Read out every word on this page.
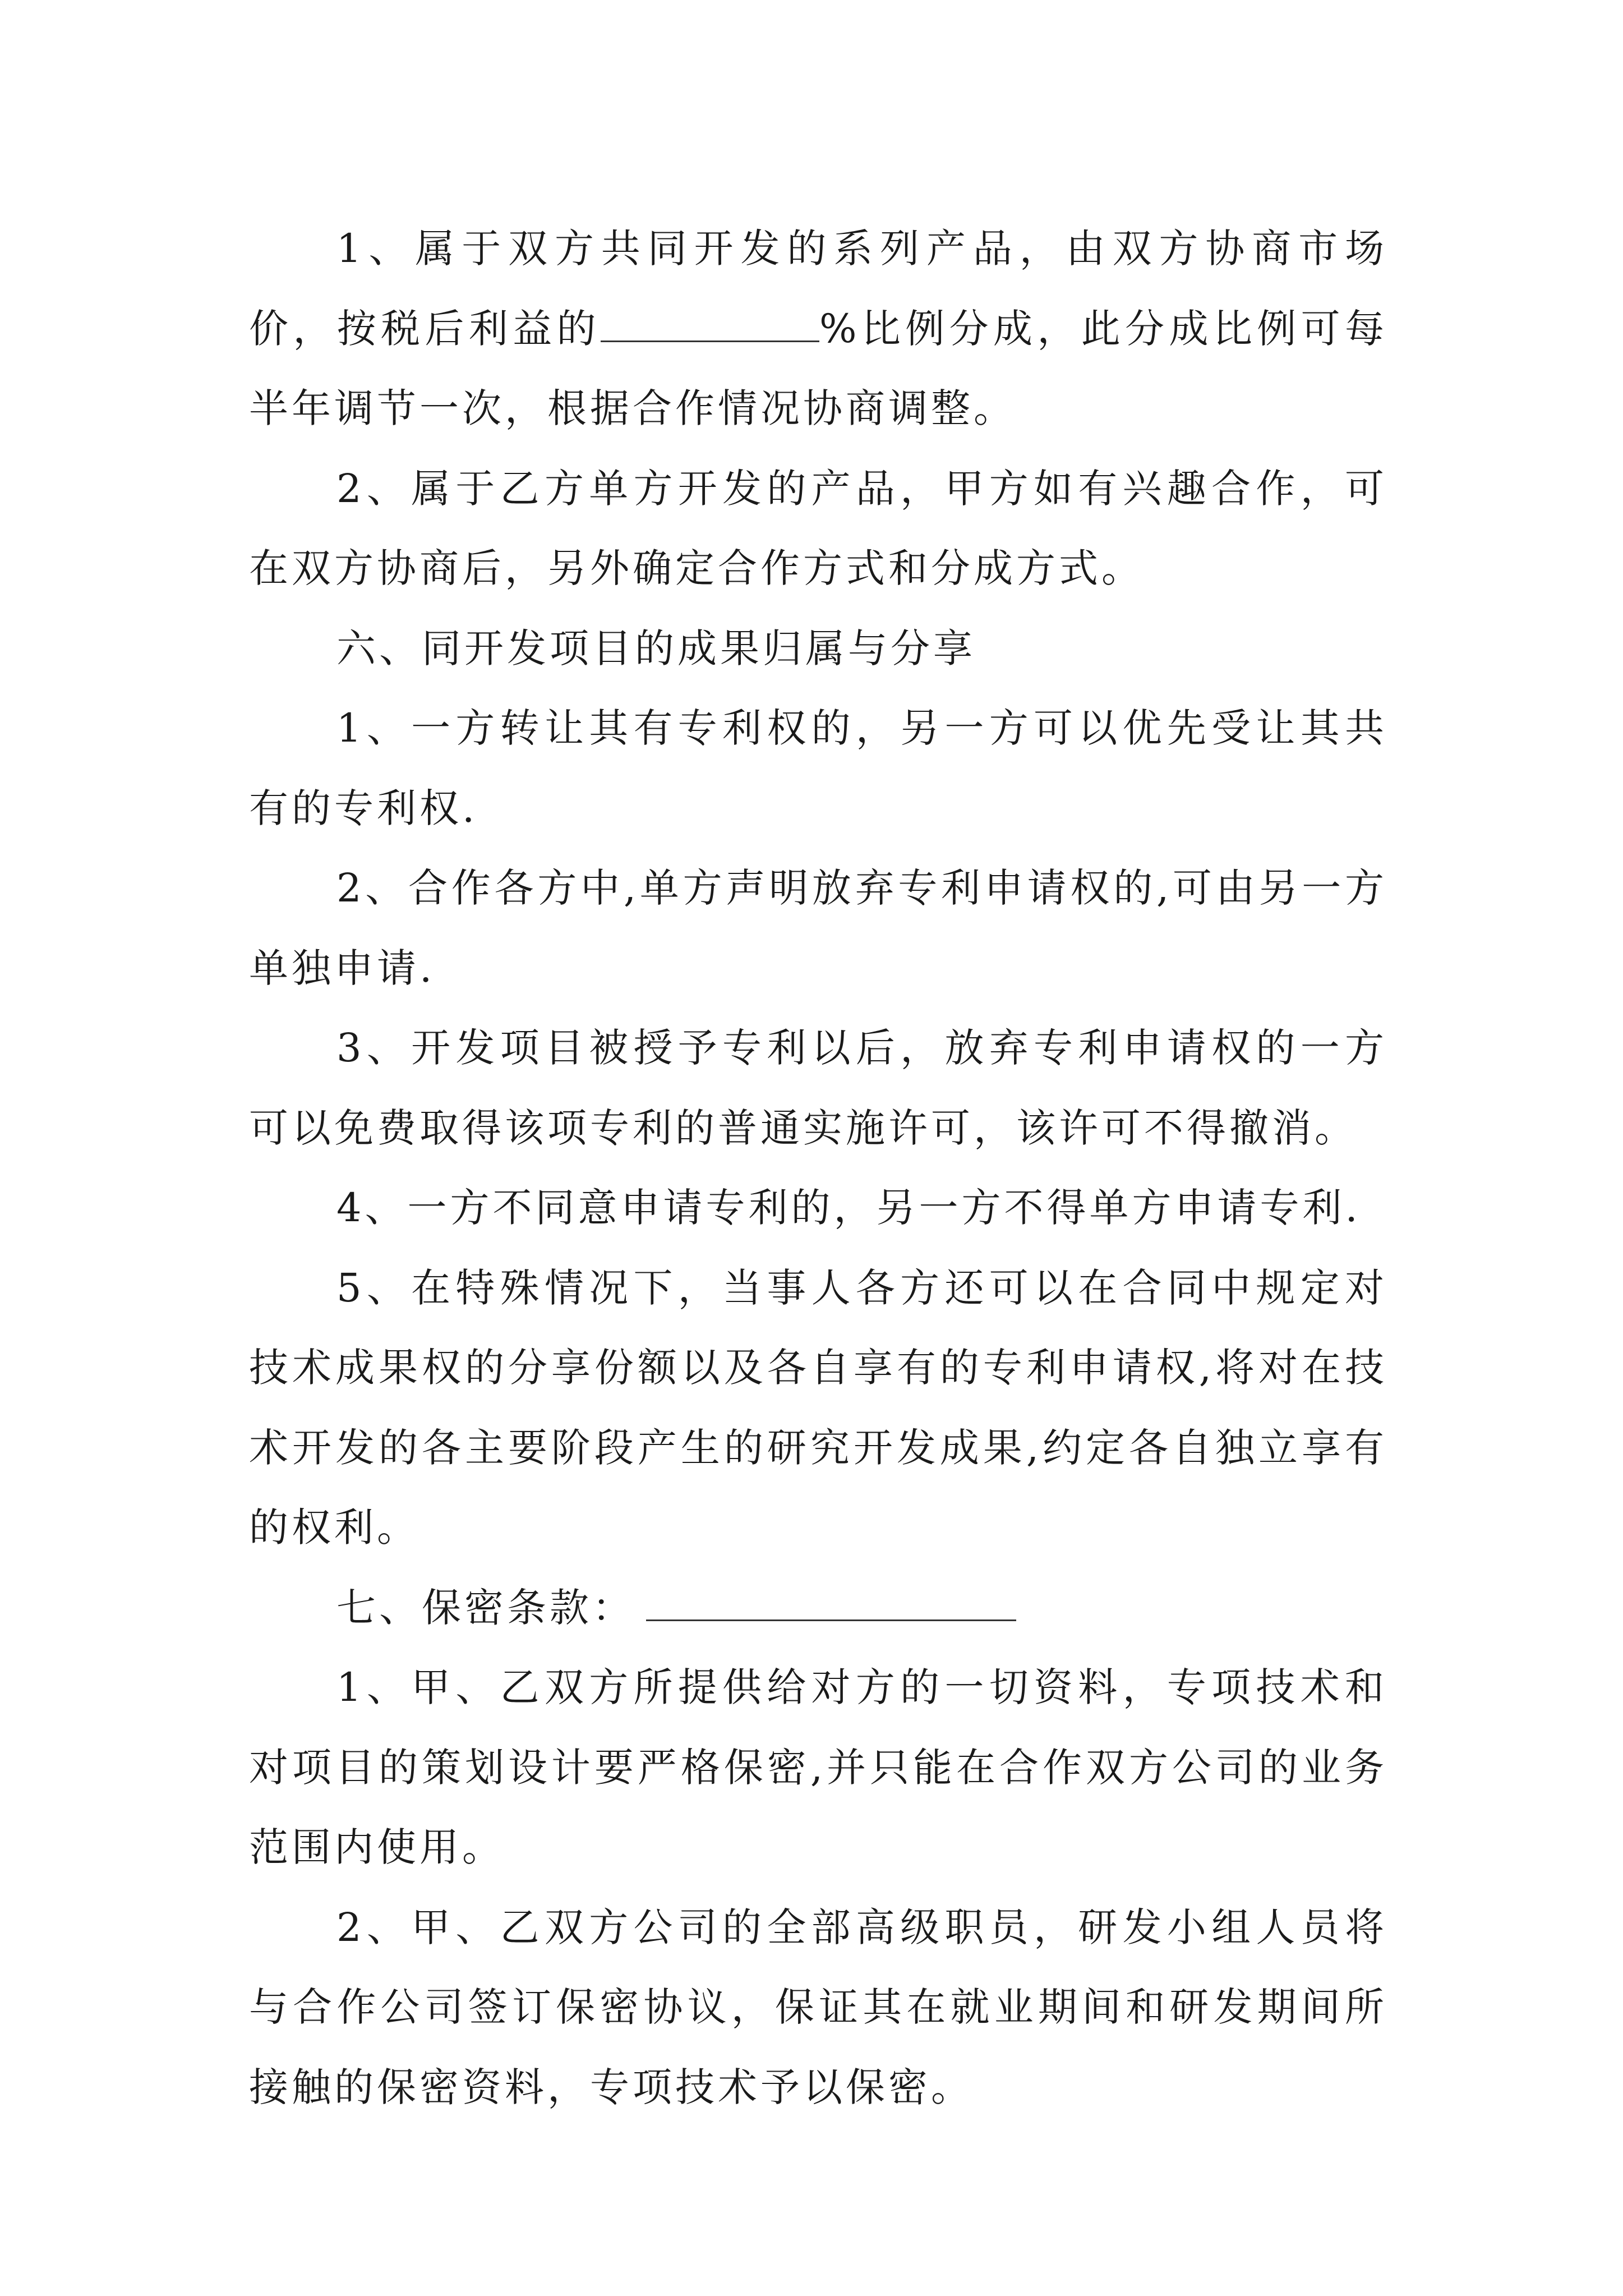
1、属于双方共同开发的系列产品，由双方协商市场价，按税后利益的	%比例分成，此分成比例可每半年调节一次，根据合作情况协商调整。

2、属于乙方单方开发的产品，甲方如有兴趣合作，可在双方协商后，另外确定合作方式和分成方式。

六、同开发项目的成果归属与分享

1、一方转让其有专利权的，另一方可以优先受让其共有的专利权.

2、合作各方中,单方声明放弃专利申请权的,可由另一方单独申请.

3、开发项目被授予专利以后，放弃专利申请权的一方可以免费取得该项专利的普通实施许可，该许可不得撤消。

4、一方不同意申请专利的，另一方不得单方申请专利.

5、在特殊情况下，当事人各方还可以在合同中规定对技术成果权的分享份额以及各自享有的专利申请权,将对在技术开发的各主要阶段产生的研究开发成果,约定各自独立享有的权利。

七、保密条款：

1、甲、乙双方所提供给对方的一切资料，专项技术和对项目的策划设计要严格保密,并只能在合作双方公司的业务范围内使用。

2、甲、乙双方公司的全部高级职员，研发小组人员将与合作公司签订保密协议，保证其在就业期间和研发期间所接触的保密资料，专项技术予以保密。
